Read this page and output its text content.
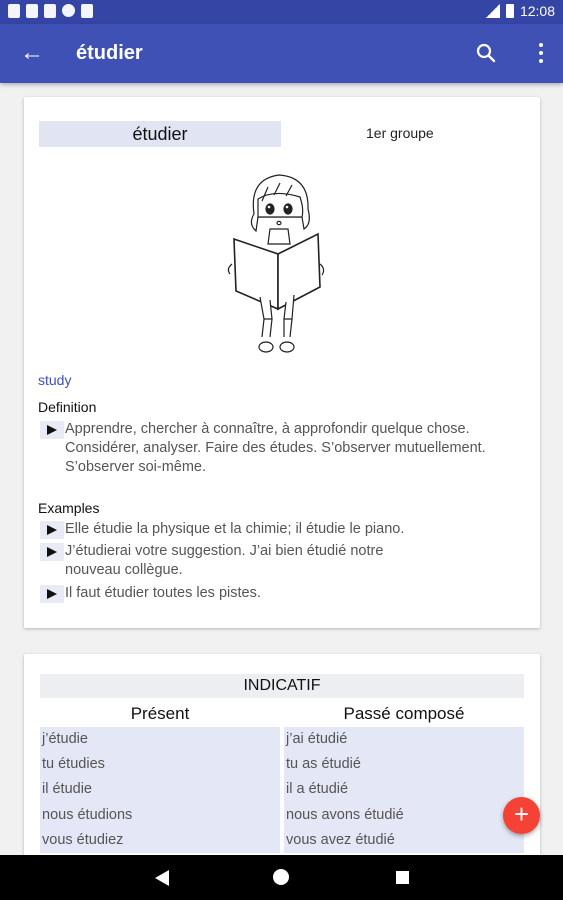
12:08
← étudier
étudier	1er groupe
study
Definition
Apprendre, chercher à connaître, à approfondir quelque chose. Considérer, analyser. Faire des études. S’observer mutuellement. S’observer soi-même.
Examples
Elle étudie la physique et la chimie; il étudie le piano.
J’étudierai votre suggestion. J’ai bien étudié notre nouveau collègue.
Il faut étudier toutes les pistes.
INDICATIF
Présent	Passé composé
j’étudie
tu étudies
il étudie
nous étudions
vous étudiez
j’ai étudié
tu as étudié
il a étudié
nous avons étudié
vous avez étudié
+
